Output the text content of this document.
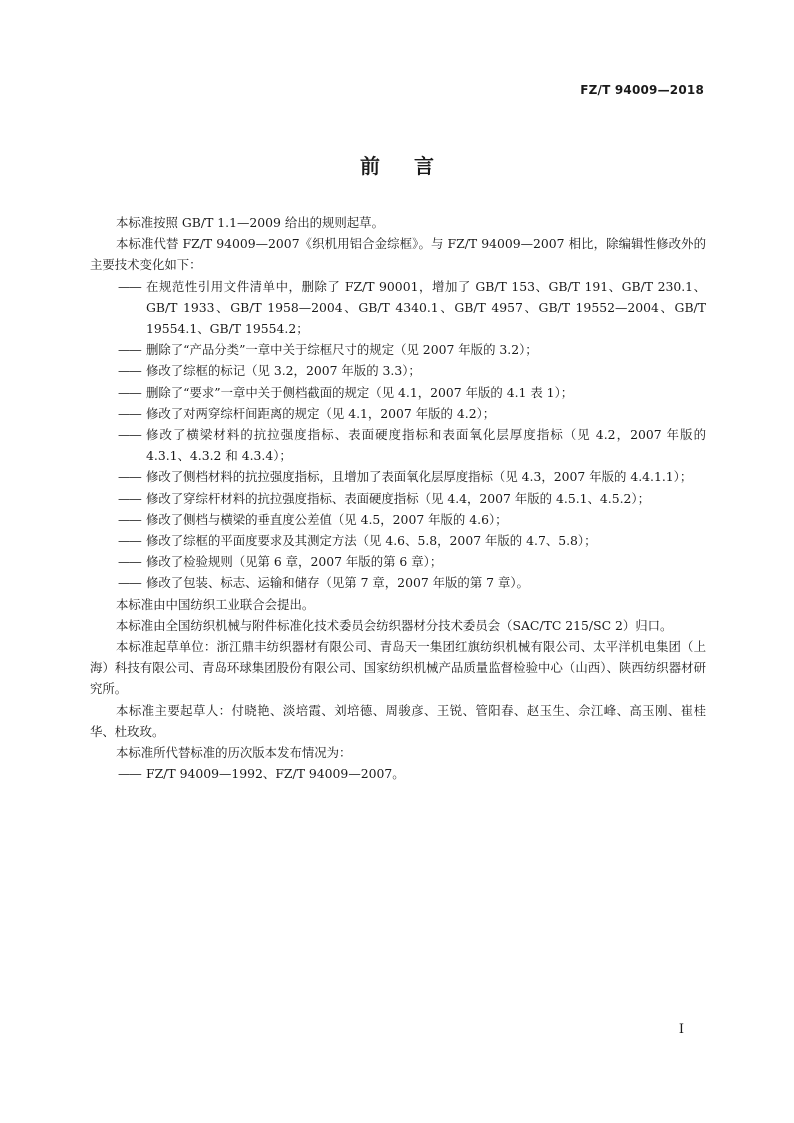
FZ/T 94009—2018
前言

本标准按照 GB/T 1.1—2009 给出的规则起草。

本标准代替 FZ/T 94009—2007《织机用铝合金综框》。与 FZ/T 94009—2007 相比，除编辑性修改外的主要技术变化如下：

—— 在规范性引用文件清单中，删除了 FZ/T 90001，增加了 GB/T 153、GB/T 191、GB/T 230.1、GB/T 1933、GB/T 1958—2004、GB/T 4340.1、GB/T 4957、GB/T 19552—2004、GB/T 19554.1、GB/T 19554.2；
—— 删除了“产品分类”一章中关于综框尺寸的规定（见 2007 年版的 3.2）；
—— 修改了综框的标记（见 3.2，2007 年版的 3.3）；
—— 删除了“要求”一章中关于侧档截面的规定（见 4.1，2007 年版的 4.1 表 1）；
—— 修改了对两穿综杆间距离的规定（见 4.1，2007 年版的 4.2）；
—— 修改了横梁材料的抗拉强度指标、表面硬度指标和表面氧化层厚度指标（见 4.2，2007 年版的 4.3.1、4.3.2 和 4.3.4）；
—— 修改了侧档材料的抗拉强度指标，且增加了表面氧化层厚度指标（见 4.3，2007 年版的 4.4.1.1）；
—— 修改了穿综杆材料的抗拉强度指标、表面硬度指标（见 4.4，2007 年版的 4.5.1、4.5.2）；
—— 修改了侧档与横梁的垂直度公差值（见 4.5，2007 年版的 4.6）；
—— 修改了综框的平面度要求及其测定方法（见 4.6、5.8，2007 年版的 4.7、5.8）；
—— 修改了检验规则（见第 6 章，2007 年版的第 6 章）；
—— 修改了包装、标志、运输和储存（见第 7 章，2007 年版的第 7 章）。

本标准由中国纺织工业联合会提出。

本标准由全国纺织机械与附件标准化技术委员会纺织器材分技术委员会（SAC/TC 215/SC 2）归口。

本标准起草单位：浙江鼎丰纺织器材有限公司、青岛天一集团红旗纺织机械有限公司、太平洋机电集团（上海）科技有限公司、青岛环球集团股份有限公司、国家纺织机械产品质量监督检验中心（山西）、陕西纺织器材研究所。

本标准主要起草人：付晓艳、淡培霞、刘培德、周骏彦、王锐、管阳春、赵玉生、佘江峰、高玉刚、崔桂华、杜玫玫。

本标准所代替标准的历次版本发布情况为：

—— FZ/T 94009—1992、FZ/T 94009—2007。
I
